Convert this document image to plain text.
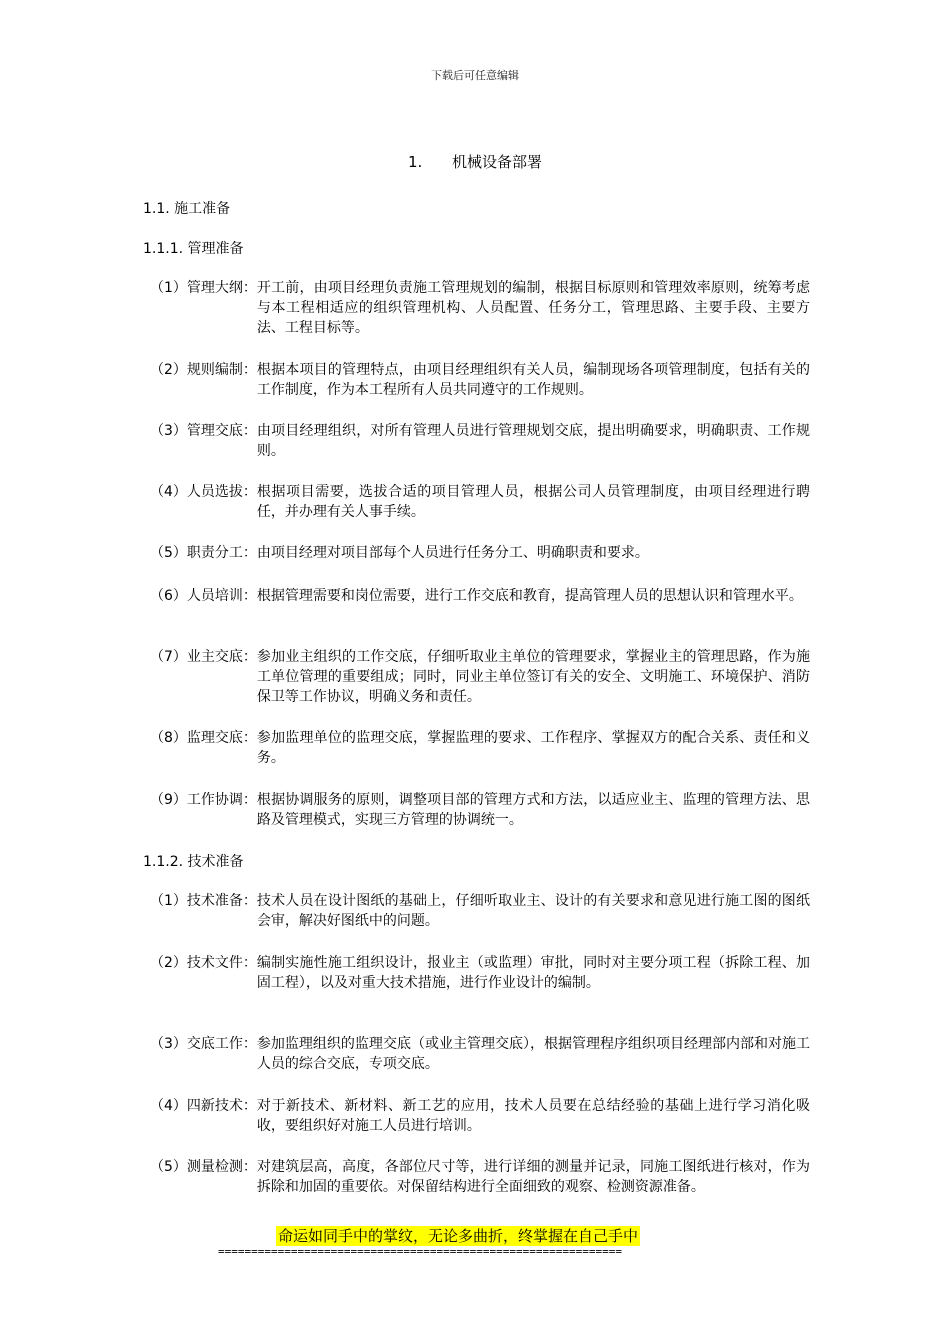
下载后可任意编辑
1. 机械设备部署
1.1. 施工准备
1.1.1. 管理准备
（1）管理大纲： 开工前，由项目经理负责施工管理规划的编制，根据目标原则和管理效率原则，统筹考虑与本工程相适应的组织管理机构、人员配置、任务分工，管理思路、主要手段、主要方法、工程目标等。
（2）规则编制： 根据本项目的管理特点，由项目经理组织有关人员，编制现场各项管理制度，包括有关的工作制度，作为本工程所有人员共同遵守的工作规则。
（3）管理交底： 由项目经理组织，对所有管理人员进行管理规划交底，提出明确要求，明确职责、工作规则。
（4）人员选拔： 根据项目需要，选拔合适的项目管理人员，根据公司人员管理制度，由项目经理进行聘任，并办理有关人事手续。
（5）职责分工： 由项目经理对项目部每个人员进行任务分工、明确职责和要求。
（6）人员培训： 根据管理需要和岗位需要，进行工作交底和教育，提高管理人员的思想认识和管理水平。
（7）业主交底： 参加业主组织的工作交底，仔细听取业主单位的管理要求，掌握业主的管理思路，作为施工单位管理的重要组成；同时，同业主单位签订有关的安全、文明施工、环境保护、消防保卫等工作协议，明确义务和责任。
（8）监理交底： 参加监理单位的监理交底，掌握监理的要求、工作程序、掌握双方的配合关系、责任和义务。
（9）工作协调： 根据协调服务的原则，调整项目部的管理方式和方法，以适应业主、监理的管理方法、思路及管理模式，实现三方管理的协调统一。
1.1.2. 技术准备
（1）技术准备： 技术人员在设计图纸的基础上，仔细听取业主、设计的有关要求和意见进行施工图的图纸会审，解决好图纸中的问题。
（2）技术文件： 编制实施性施工组织设计，报业主（或监理）审批，同时对主要分项工程（拆除工程、加固工程），以及对重大技术措施，进行作业设计的编制。
（3）交底工作： 参加监理组织的监理交底（或业主管理交底），根据管理程序组织项目经理部内部和对施工人员的综合交底，专项交底。
（4）四新技术： 对于新技术、新材料、新工艺的应用，技术人员要在总结经验的基础上进行学习消化吸收，要组织好对施工人员进行培训。
（5）测量检测： 对建筑层高，高度，各部位尺寸等，进行详细的测量并记录，同施工图纸进行核对，作为拆除和加固的重要依。对保留结构进行全面细致的观察、检测资源准备。
命运如同手中的掌纹，无论多曲折，终掌握在自己手中
=============================================================
